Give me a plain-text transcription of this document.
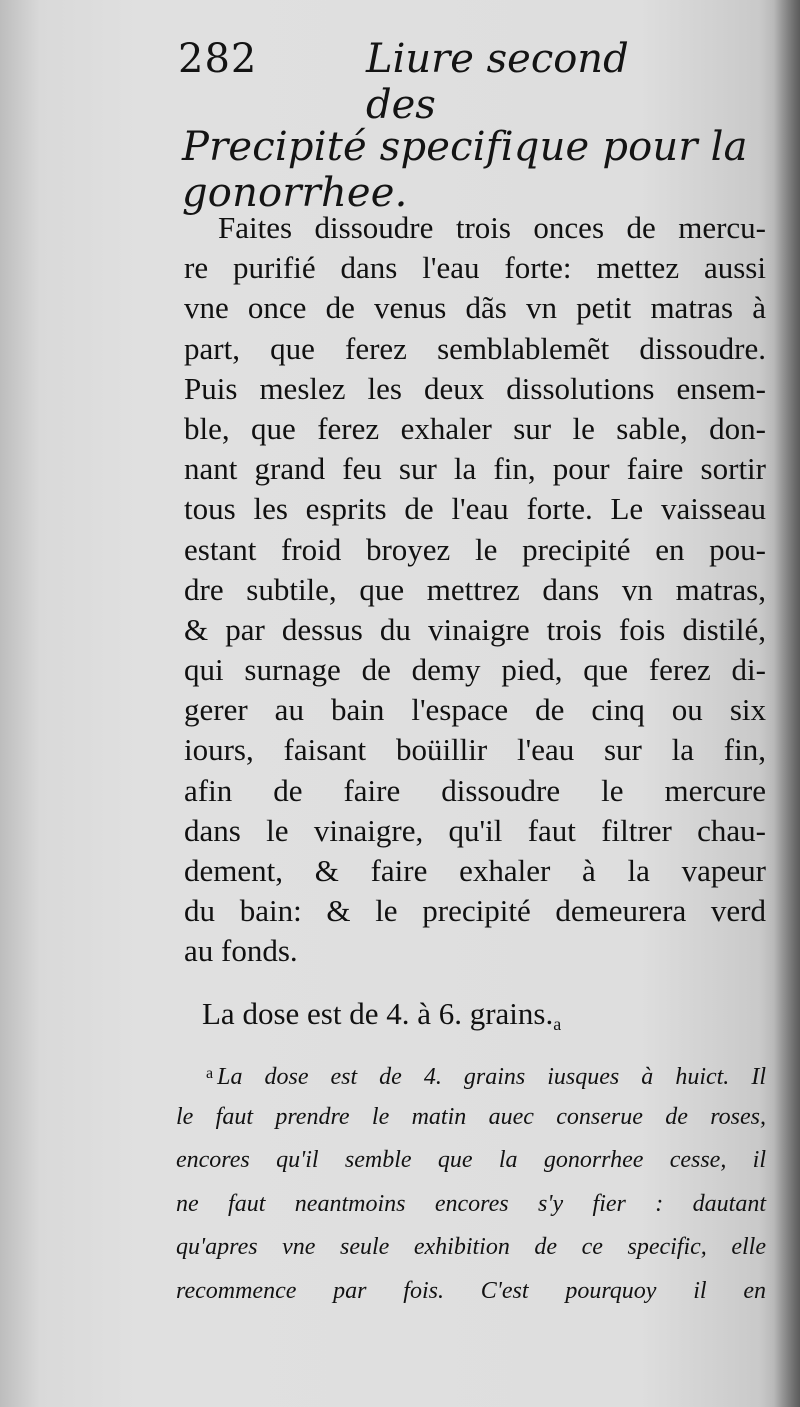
282	Liure second des
Precipité specifique pour la gonorrhee.
Faites dissoudre trois onces de mercu-
re purifié dans l'eau forte: mettez aussi
vne once de venus dãs vn petit matras à
part, que ferez semblablemẽt dissoudre.
Puis meslez les deux dissolutions ensem-
ble, que ferez exhaler sur le sable, don-
nant grand feu sur la fin, pour faire sortir
tous les esprits de l'eau forte. Le vaisseau
estant froid broyez le precipité en pou-
dre subtile, que mettrez dans vn matras,
& par dessus du vinaigre trois fois distilé,
qui surnage de demy pied, que ferez di-
gerer au bain l'espace de cinq ou six
iours, faisant boüillir l'eau sur la fin,
afin de faire dissoudre le mercure
dans le vinaigre, qu'il faut filtrer chau-
dement, & faire exhaler à la vapeur
du bain: & le precipité demeurera verd
au fonds.
La dose est de 4. à 6. $grains._a$
$^a$ La dose est de 4. grains iusques à huict. Il
le faut prendre le matin auec conserue de roses,
encores qu'il semble que la gonorrhee cesse, il
ne faut neantmoins encores s'y fier : dautant
qu'apres vne seule exhibition de ce specific, elle
recommence par fois. C'est pourquoy il en
